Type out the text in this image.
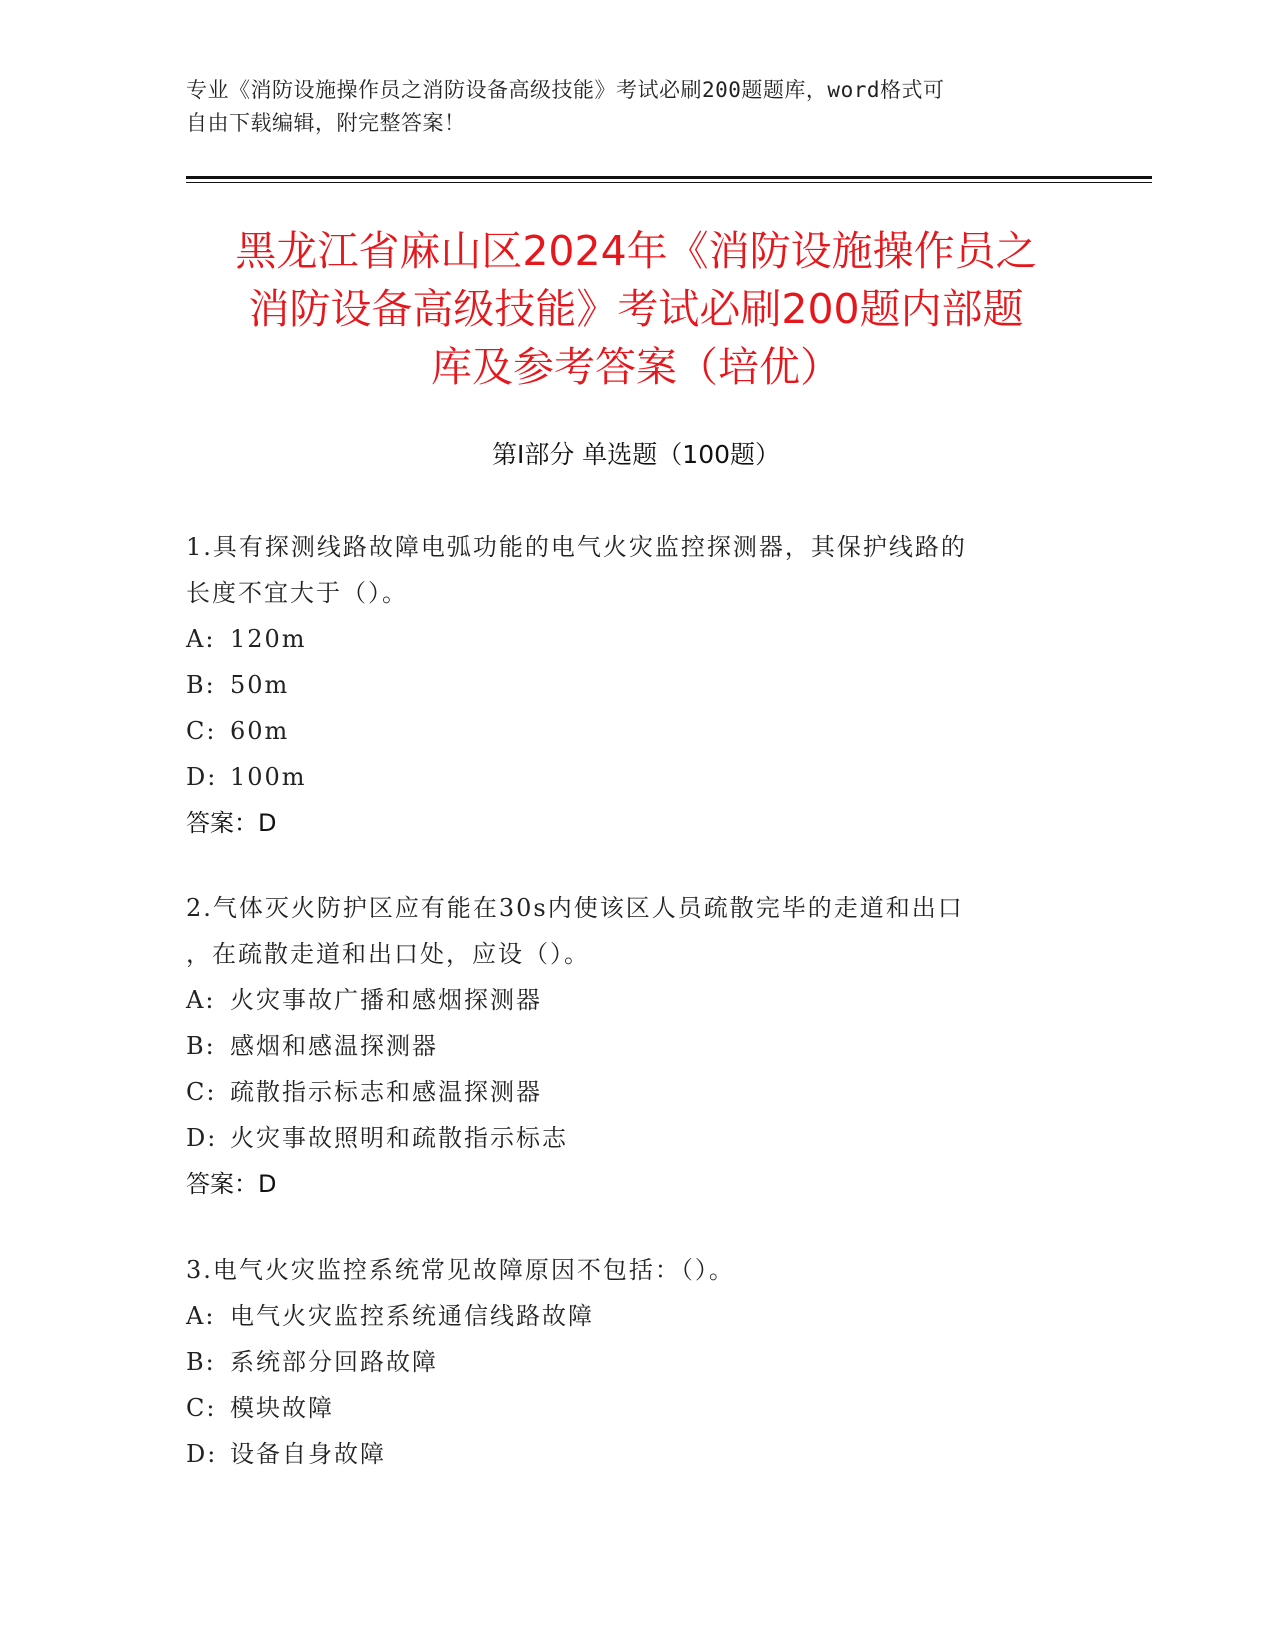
专业《消防设施操作员之消防设备高级技能》考试必刷200题题库，word格式可
自由下载编辑，附完整答案！
黑龙江省麻山区2024年《消防设施操作员之
消防设备高级技能》考试必刷200题内部题
库及参考答案（培优）
第I部分 单选题（100题）
1.具有探测线路故障电弧功能的电气火灾监控探测器，其保护线路的
长度不宜大于（）。
A: 120m
B: 50m
C: 60m
D: 100m
答案：D
2.气体灭火防护区应有能在30s内使该区人员疏散完毕的走道和出口
，在疏散走道和出口处，应设（）。
A: 火灾事故广播和感烟探测器
B: 感烟和感温探测器
C: 疏散指示标志和感温探测器
D: 火灾事故照明和疏散指示标志
答案：D
3.电气火灾监控系统常见故障原因不包括：（）。
A: 电气火灾监控系统通信线路故障
B: 系统部分回路故障
C: 模块故障
D: 设备自身故障
